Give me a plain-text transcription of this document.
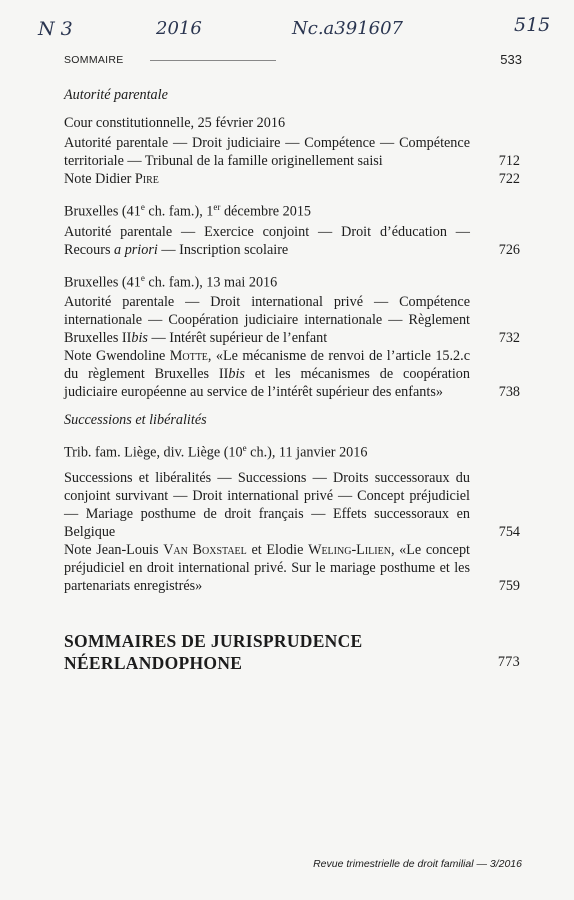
N 3	2016	Nc.a391607	515
SOMMAIRE	533
Autorité parentale
Cour constitutionnelle, 25 février 2016
Autorité parentale — Droit judiciaire — Compétence — Compétence territoriale — Tribunal de la famille originellement saisi	712
Note Didier Pire	722
Bruxelles (41e ch. fam.), 1er décembre 2015
Autorité parentale — Exercice conjoint — Droit d’éducation — Recours a priori — Inscription scolaire	726
Bruxelles (41e ch. fam.), 13 mai 2016
Autorité parentale — Droit international privé — Compétence internationale — Coopération judiciaire internationale — Règlement Bruxelles IIbis — Intérêt supérieur de l’enfant	732
Note Gwendoline Motte, «Le mécanisme de renvoi de l’article 15.2.c du règlement Bruxelles IIbis et les mécanismes de coopération judiciaire européenne au service de l’intérêt supérieur des enfants»	738
Successions et libéralités
Trib. fam. Liège, div. Liège (10e ch.), 11 janvier 2016
Successions et libéralités — Successions — Droits successoraux du conjoint survivant — Droit international privé — Concept préjudiciel — Mariage posthume de droit français — Effets successoraux en Belgique	754
Note Jean-Louis Van Boxstael et Elodie Weling-Lilien, «Le concept préjudiciel en droit international privé. Sur le mariage posthume et les partenariats enregistrés»	759
SOMMAIRES DE JURISPRUDENCE
NÉERLANDOPHONE	773
Revue trimestrielle de droit familial — 3/2016
